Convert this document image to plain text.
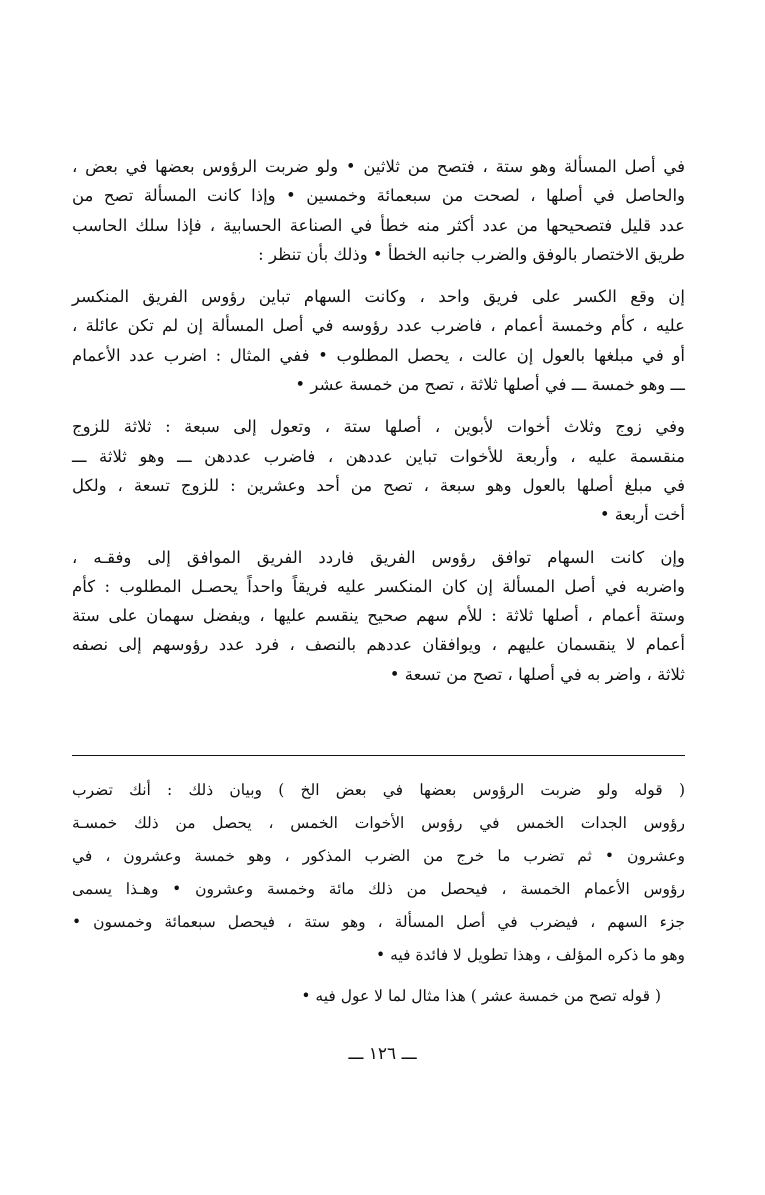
في أصل المسألة وهو ستة ، فتصح من ثلاثين • ولو ضربت الرؤوس بعضها في بعض ،
والحاصل في أصلها ، لصحت من سبعمائة وخمسين • وإذا كانت المسألة تصح من
عدد قليل فتصحيحها من عدد أكثر منه خطأ في الصناعة الحسابية ، فإذا سلك الحاسب
طريق الاختصار بالوفق والضرب جانبه الخطأ • وذلك بأن تنظر :

إن وقع الكسر على فريق واحد ، وكانت السهام تباين رؤوس الفريق المنكسر
عليه ، كأم وخمسة أعمام ، فاضرب عدد رؤوسه في أصل المسألة إن لم تكن عائلة ،
أو في مبلغها بالعول إن عالت ، يحصل المطلوب • ففي المثال : اضرب عدد الأعمام
ـــ وهو خمسة ـــ في أصلها ثلاثة ، تصح من خمسة عشر •

وفي زوج وثلاث أخوات لأبوين ، أصلها ستة ، وتعول إلى سبعة : ثلاثة للزوج
منقسمة عليه ، وأربعة للأخوات تباين عددهن ، فاضرب عددهن ـــ وهو ثلاثة ـــ
في مبلغ أصلها بالعول وهو سبعة ، تصح من أحد وعشرين : للزوج تسعة ، ولكل
أخت أربعة •

وإن كانت السهام توافق رؤوس الفريق فاردد الفريق الموافق إلى وفقـه ،
واضربه في أصل المسألة إن كان المنكسر عليه فريقاً واحداً يحصـل المطلوب : كأم
وستة أعمام ، أصلها ثلاثة : للأم سهم صحيح ينقسم عليها ، ويفضل سهمان على ستة
أعمام لا ينقسمان عليهم ، ويوافقان عددهم بالنصف ، فرد عدد رؤوسهم إلى نصفه
ثلاثة ، واضر به في أصلها ، تصح من تسعة •

( قوله ولو ضربت الرؤوس بعضها في بعض الخ ) وبيان ذلك : أنك تضرب
رؤوس الجدات الخمس في رؤوس الأخوات الخمس ، يحصل من ذلك خمسـة
وعشرون • ثم تضرب ما خرج من الضرب المذكور ، وهو خمسة وعشرون ، في
رؤوس الأعمام الخمسة ، فيحصل من ذلك مائة وخمسة وعشرون • وهـذا يسمى
جزء السهم ، فيضرب في أصل المسألة ، وهو ستة ، فيحصل سبعمائة وخمسون •
وهو ما ذكره المؤلف ، وهذا تطويل لا فائدة فيه •

( قوله تصح من خمسة عشر ) هذا مثال لما لا عول فيه •

ـــ ١٢٦ ـــ
